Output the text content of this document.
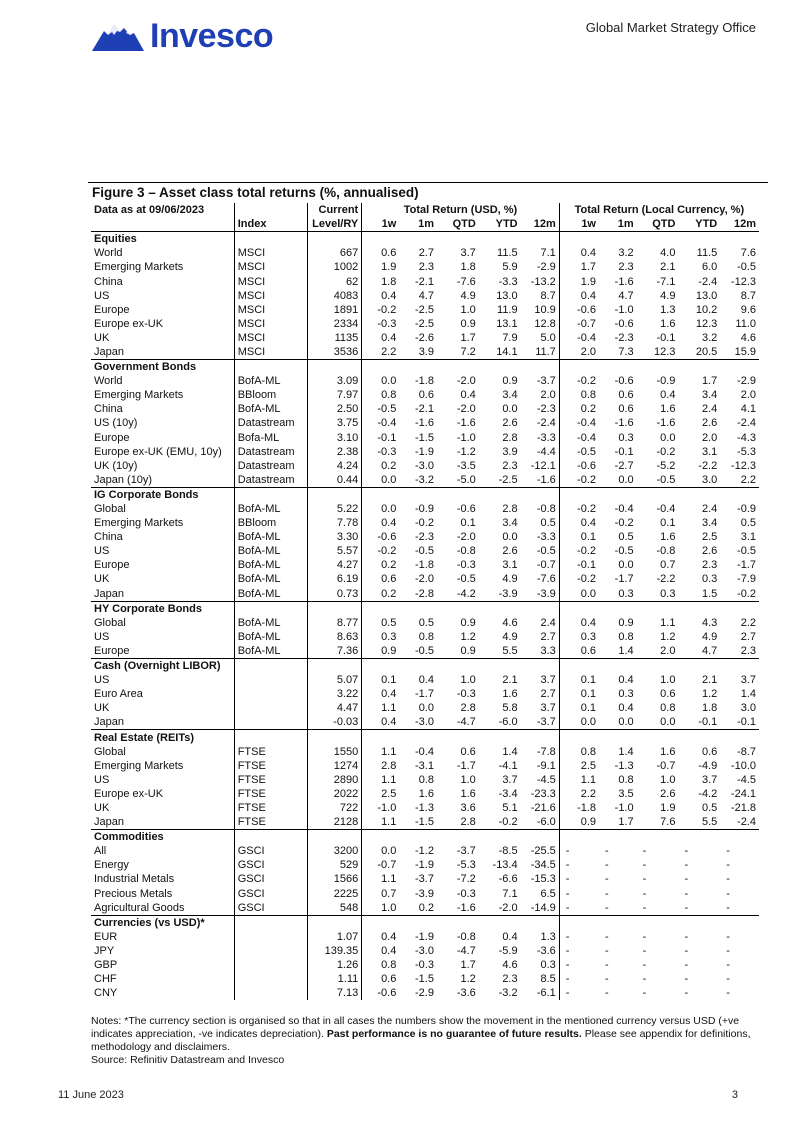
Invesco	Global Market Strategy Office
Figure 3 – Asset class total returns (%, annualised)
Data as at 09/06/2023		Current	Total Return (USD, %)					Total Return (Local Currency, %)				
	Index	Level/RY	1w	1m	QTD	YTD	12m	1w	1m	QTD	YTD	12m
Equities												
World	MSCI	667	0.6	2.7	3.7	11.5	7.1	0.4	3.2	4.0	11.5	7.6
Emerging Markets	MSCI	1002	1.9	2.3	1.8	5.9	-2.9	1.7	2.3	2.1	6.0	-0.5
China	MSCI	62	1.8	-2.1	-7.6	-3.3	-13.2	1.9	-1.6	-7.1	-2.4	-12.3
US	MSCI	4083	0.4	4.7	4.9	13.0	8.7	0.4	4.7	4.9	13.0	8.7
Europe	MSCI	1891	-0.2	-2.5	1.0	11.9	10.9	-0.6	-1.0	1.3	10.2	9.6
Europe ex-UK	MSCI	2334	-0.3	-2.5	0.9	13.1	12.8	-0.7	-0.6	1.6	12.3	11.0
UK	MSCI	1135	0.4	-2.6	1.7	7.9	5.0	-0.4	-2.3	-0.1	3.2	4.6
Japan	MSCI	3536	2.2	3.9	7.2	14.1	11.7	2.0	7.3	12.3	20.5	15.9
Government Bonds												
World	BofA-ML	3.09	0.0	-1.8	-2.0	0.9	-3.7	-0.2	-0.6	-0.9	1.7	-2.9
Emerging Markets	BBloom	7.97	0.8	0.6	0.4	3.4	2.0	0.8	0.6	0.4	3.4	2.0
China	BofA-ML	2.50	-0.5	-2.1	-2.0	0.0	-2.3	0.2	0.6	1.6	2.4	4.1
US (10y)	Datastream	3.75	-0.4	-1.6	-1.6	2.6	-2.4	-0.4	-1.6	-1.6	2.6	-2.4
Europe	Bofa-ML	3.10	-0.1	-1.5	-1.0	2.8	-3.3	-0.4	0.3	0.0	2.0	-4.3
Europe ex-UK (EMU, 10y)	Datastream	2.38	-0.3	-1.9	-1.2	3.9	-4.4	-0.5	-0.1	-0.2	3.1	-5.3
UK (10y)	Datastream	4.24	0.2	-3.0	-3.5	2.3	-12.1	-0.6	-2.7	-5.2	-2.2	-12.3
Japan (10y)	Datastream	0.44	0.0	-3.2	-5.0	-2.5	-1.6	-0.2	0.0	-0.5	3.0	2.2
IG Corporate Bonds												
Global	BofA-ML	5.22	0.0	-0.9	-0.6	2.8	-0.8	-0.2	-0.4	-0.4	2.4	-0.9
Emerging Markets	BBloom	7.78	0.4	-0.2	0.1	3.4	0.5	0.4	-0.2	0.1	3.4	0.5
China	BofA-ML	3.30	-0.6	-2.3	-2.0	0.0	-3.3	0.1	0.5	1.6	2.5	3.1
US	BofA-ML	5.57	-0.2	-0.5	-0.8	2.6	-0.5	-0.2	-0.5	-0.8	2.6	-0.5
Europe	BofA-ML	4.27	0.2	-1.8	-0.3	3.1	-0.7	-0.1	0.0	0.7	2.3	-1.7
UK	BofA-ML	6.19	0.6	-2.0	-0.5	4.9	-7.6	-0.2	-1.7	-2.2	0.3	-7.9
Japan	BofA-ML	0.73	0.2	-2.8	-4.2	-3.9	-3.9	0.0	0.3	0.3	1.5	-0.2
HY Corporate Bonds												
Global	BofA-ML	8.77	0.5	0.5	0.9	4.6	2.4	0.4	0.9	1.1	4.3	2.2
US	BofA-ML	8.63	0.3	0.8	1.2	4.9	2.7	0.3	0.8	1.2	4.9	2.7
Europe	BofA-ML	7.36	0.9	-0.5	0.9	5.5	3.3	0.6	1.4	2.0	4.7	2.3
Cash (Overnight LIBOR)												
US		5.07	0.1	0.4	1.0	2.1	3.7	0.1	0.4	1.0	2.1	3.7
Euro Area		3.22	0.4	-1.7	-0.3	1.6	2.7	0.1	0.3	0.6	1.2	1.4
UK		4.47	1.1	0.0	2.8	5.8	3.7	0.1	0.4	0.8	1.8	3.0
Japan		-0.03	0.4	-3.0	-4.7	-6.0	-3.7	0.0	0.0	0.0	-0.1	-0.1
Real Estate (REITs)												
Global	FTSE	1550	1.1	-0.4	0.6	1.4	-7.8	0.8	1.4	1.6	0.6	-8.7
Emerging Markets	FTSE	1274	2.8	-3.1	-1.7	-4.1	-9.1	2.5	-1.3	-0.7	-4.9	-10.0
US	FTSE	2890	1.1	0.8	1.0	3.7	-4.5	1.1	0.8	1.0	3.7	-4.5
Europe ex-UK	FTSE	2022	2.5	1.6	1.6	-3.4	-23.3	2.2	3.5	2.6	-4.2	-24.1
UK	FTSE	722	-1.0	-1.3	3.6	5.1	-21.6	-1.8	-1.0	1.9	0.5	-21.8
Japan	FTSE	2128	1.1	-1.5	2.8	-0.2	-6.0	0.9	1.7	7.6	5.5	-2.4
Commodities												
All	GSCI	3200	0.0	-1.2	-3.7	-8.5	-25.5	-	-	-	-	-
Energy	GSCI	529	-0.7	-1.9	-5.3	-13.4	-34.5	-	-	-	-	-
Industrial Metals	GSCI	1566	1.1	-3.7	-7.2	-6.6	-15.3	-	-	-	-	-
Precious Metals	GSCI	2225	0.7	-3.9	-0.3	7.1	6.5	-	-	-	-	-
Agricultural Goods	GSCI	548	1.0	0.2	-1.6	-2.0	-14.9	-	-	-	-	-
Currencies (vs USD)*												
EUR		1.07	0.4	-1.9	-0.8	0.4	1.3	-	-	-	-	-
JPY		139.35	0.4	-3.0	-4.7	-5.9	-3.6	-	-	-	-	-
GBP		1.26	0.8	-0.3	1.7	4.6	0.3	-	-	-	-	-
CHF		1.11	0.6	-1.5	1.2	2.3	8.5	-	-	-	-	-
CNY		7.13	-0.6	-2.9	-3.6	-3.2	-6.1	-	-	-	-	-
Notes: *The currency section is organised so that in all cases the numbers show the movement in the mentioned currency versus USD (+ve indicates appreciation, -ve indicates depreciation). Past performance is no guarantee of future results. Please see appendix for definitions, methodology and disclaimers.
Source: Refinitiv Datastream and Invesco
11 June 2023	3
